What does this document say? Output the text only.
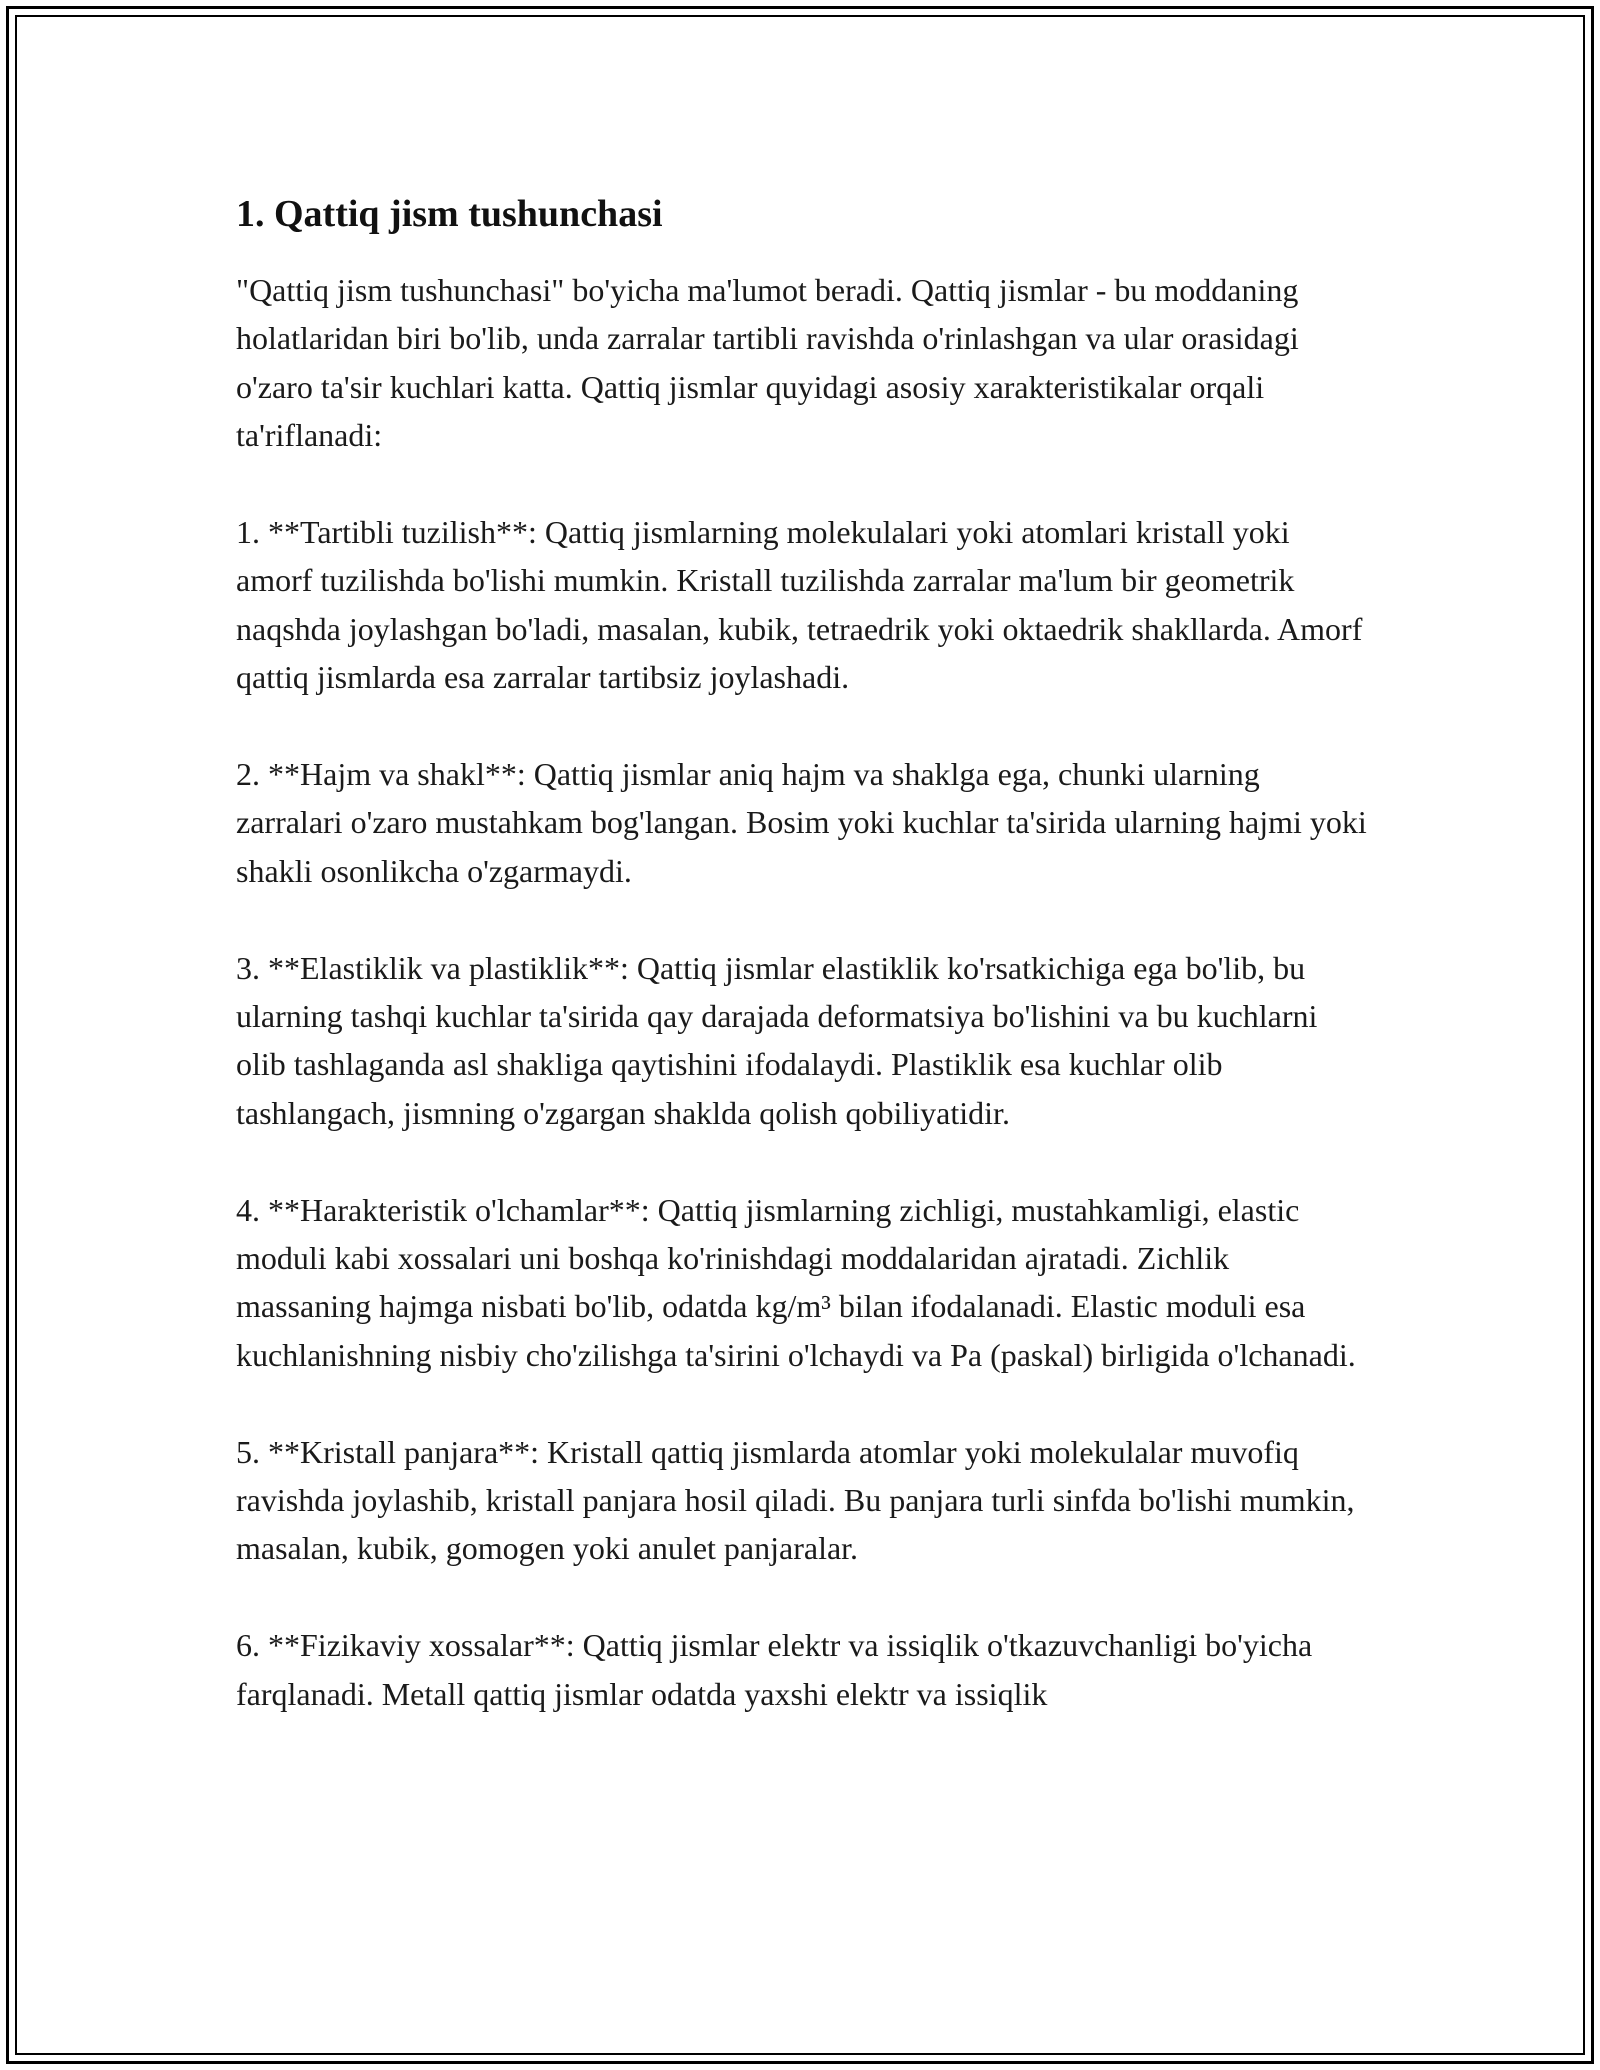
1. Qattiq jism tushunchasi

"Qattiq jism tushunchasi" bo'yicha ma'lumot beradi. Qattiq jismlar - bu moddaning holatlaridan biri bo'lib, unda zarralar tartibli ravishda o'rinlashgan va ular orasidagi o'zaro ta'sir kuchlari katta. Qattiq jismlar quyidagi asosiy xarakteristikalar orqali ta'riflanadi:

1. **Tartibli tuzilish**: Qattiq jismlarning molekulalari yoki atomlari kristall yoki amorf tuzilishda bo'lishi mumkin. Kristall tuzilishda zarralar ma'lum bir geometrik naqshda joylashgan bo'ladi, masalan, kubik, tetraedrik yoki oktaedrik shakllarda. Amorf qattiq jismlarda esa zarralar tartibsiz joylashadi.

2. **Hajm va shakl**: Qattiq jismlar aniq hajm va shaklga ega, chunki ularning zarralari o'zaro mustahkam bog'langan. Bosim yoki kuchlar ta'sirida ularning hajmi yoki shakli osonlikcha o'zgarmaydi.

3. **Elastiklik va plastiklik**: Qattiq jismlar elastiklik ko'rsatkichiga ega bo'lib, bu ularning tashqi kuchlar ta'sirida qay darajada deformatsiya bo'lishini va bu kuchlarni olib tashlaganda asl shakliga qaytishini ifodalaydi. Plastiklik esa kuchlar olib tashlangach, jismning o'zgargan shaklda qolish qobiliyatidir.

4. **Harakteristik o'lchamlar**: Qattiq jismlarning zichligi, mustahkamligi, elastic moduli kabi xossalari uni boshqa ko'rinishdagi moddalaridan ajratadi. Zichlik massaning hajmga nisbati bo'lib, odatda kg/m³ bilan ifodalanadi. Elastic moduli esa kuchlanishning nisbiy cho'zilishga ta'sirini o'lchaydi va Pa (paskal) birligida o'lchanadi.

5. **Kristall panjara**: Kristall qattiq jismlarda atomlar yoki molekulalar muvofiq ravishda joylashib, kristall panjara hosil qiladi. Bu panjara turli sinfda bo'lishi mumkin, masalan, kubik, gomogen yoki anulet panjaralar.

6. **Fizikaviy xossalar**: Qattiq jismlar elektr va issiqlik o'tkazuvchanligi bo'yicha farqlanadi. Metall qattiq jismlar odatda yaxshi elektr va issiqlik
